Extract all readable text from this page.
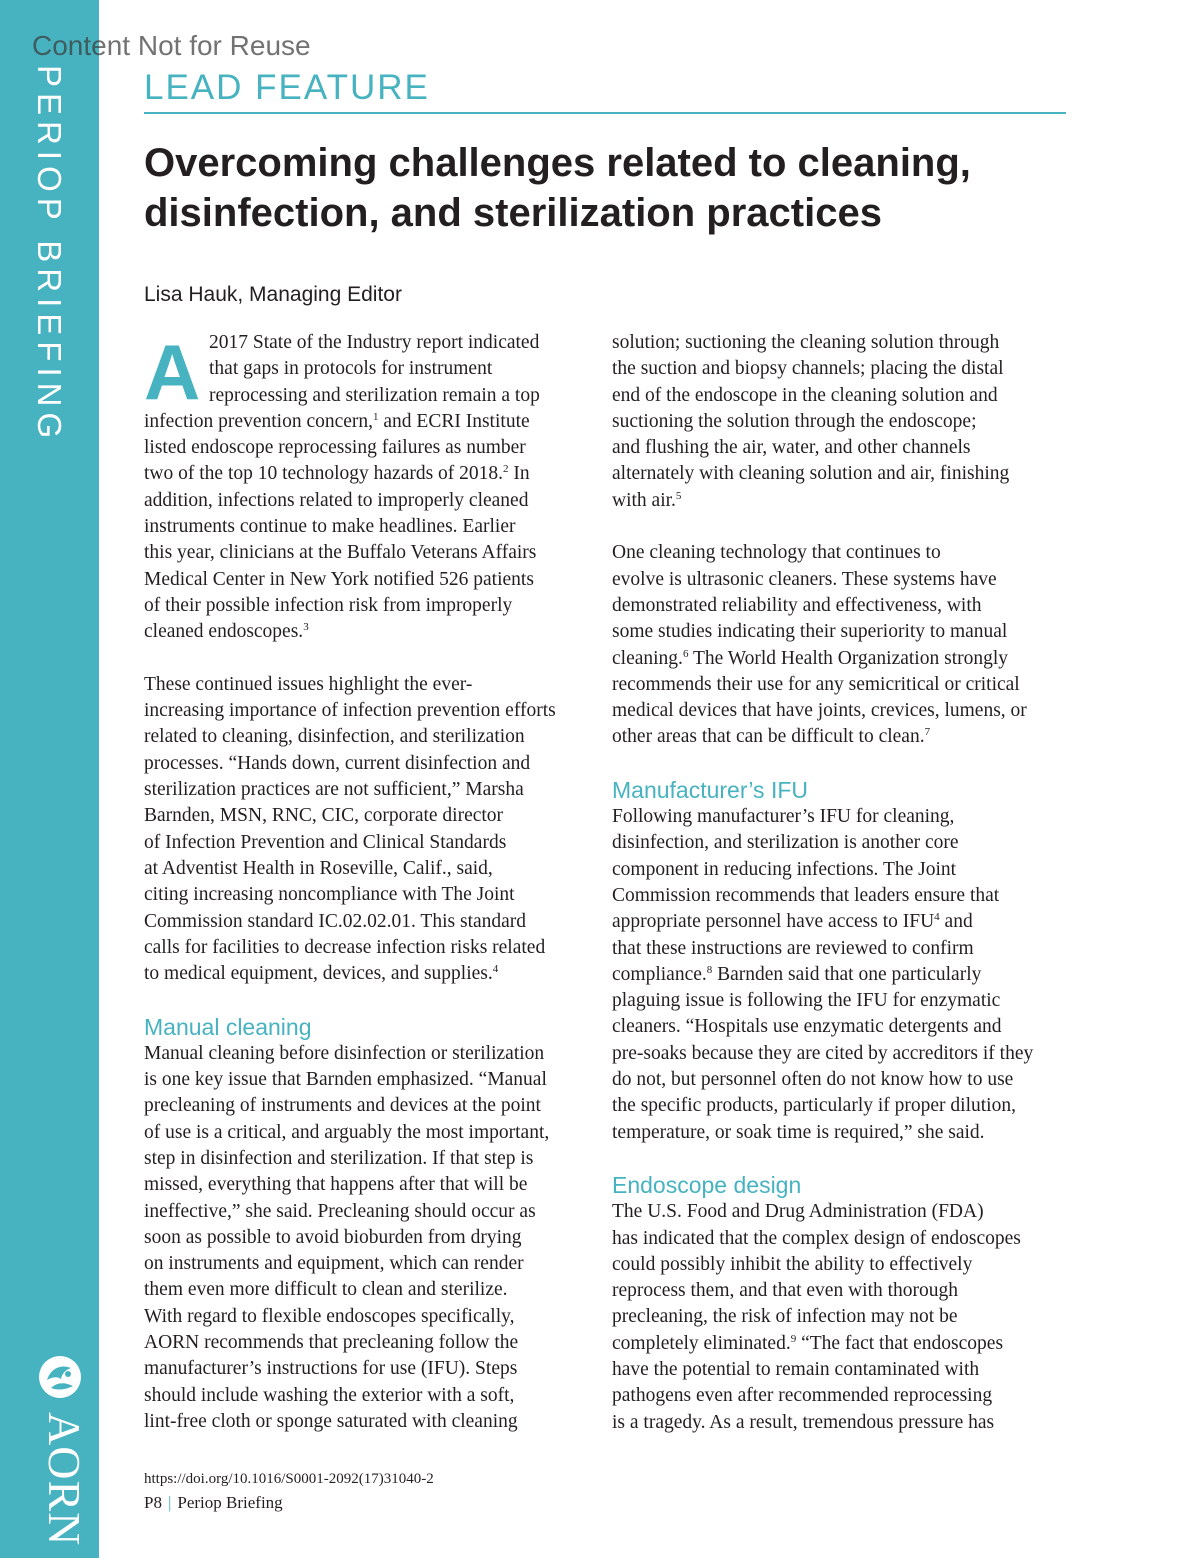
PERIOP BRIEFING
AORN
Content Not for Reuse
LEAD FEATURE
Overcoming challenges related to cleaning, disinfection, and sterilization practices
Lisa Hauk, Managing Editor
A 2017 State of the Industry report indicated
that gaps in protocols for instrument
reprocessing and sterilization remain a top
infection prevention concern,$^1$ and ECRI Institute
listed endoscope reprocessing failures as number
two of the top 10 technology hazards of 2018.$^2$ In
addition, infections related to improperly cleaned
instruments continue to make headlines. Earlier
this year, clinicians at the Buffalo Veterans Affairs
Medical Center in New York notified 526 patients
of their possible infection risk from improperly
cleaned endoscopes.$^3$
These continued issues highlight the ever-
increasing importance of infection prevention efforts
related to cleaning, disinfection, and sterilization
processes. “Hands down, current disinfection and
sterilization practices are not sufficient,” Marsha
Barnden, MSN, RNC, CIC, corporate director
of Infection Prevention and Clinical Standards
at Adventist Health in Roseville, Calif., said,
citing increasing noncompliance with The Joint
Commission standard IC.02.02.01. This standard
calls for facilities to decrease infection risks related
to medical equipment, devices, and supplies.$^4$
Manual cleaning
Manual cleaning before disinfection or sterilization
is one key issue that Barnden emphasized. “Manual
precleaning of instruments and devices at the point
of use is a critical, and arguably the most important,
step in disinfection and sterilization. If that step is
missed, everything that happens after that will be
ineffective,” she said. Precleaning should occur as
soon as possible to avoid bioburden from drying
on instruments and equipment, which can render
them even more difficult to clean and sterilize.
With regard to flexible endoscopes specifically,
AORN recommends that precleaning follow the
manufacturer’s instructions for use (IFU). Steps
should include washing the exterior with a soft,
lint-free cloth or sponge saturated with cleaning
solution; suctioning the cleaning solution through
the suction and biopsy channels; placing the distal
end of the endoscope in the cleaning solution and
suctioning the solution through the endoscope;
and flushing the air, water, and other channels
alternately with cleaning solution and air, finishing
with air.$^5$
One cleaning technology that continues to
evolve is ultrasonic cleaners. These systems have
demonstrated reliability and effectiveness, with
some studies indicating their superiority to manual
cleaning.$^6$ The World Health Organization strongly
recommends their use for any semicritical or critical
medical devices that have joints, crevices, lumens, or
other areas that can be difficult to clean.$^7$
Manufacturer’s IFU
Following manufacturer’s IFU for cleaning,
disinfection, and sterilization is another core
component in reducing infections. The Joint
Commission recommends that leaders ensure that
appropriate personnel have access to IFU$^4$ and
that these instructions are reviewed to confirm
compliance.$^8$ Barnden said that one particularly
plaguing issue is following the IFU for enzymatic
cleaners. “Hospitals use enzymatic detergents and
pre-soaks because they are cited by accreditors if they
do not, but personnel often do not know how to use
the specific products, particularly if proper dilution,
temperature, or soak time is required,” she said.
Endoscope design
The U.S. Food and Drug Administration (FDA)
has indicated that the complex design of endoscopes
could possibly inhibit the ability to effectively
reprocess them, and that even with thorough
precleaning, the risk of infection may not be
completely eliminated.$^9$ “The fact that endoscopes
have the potential to remain contaminated with
pathogens even after recommended reprocessing
is a tragedy. As a result, tremendous pressure has
https://doi.org/10.1016/S0001-2092(17)31040-2
P8 | Periop Briefing
